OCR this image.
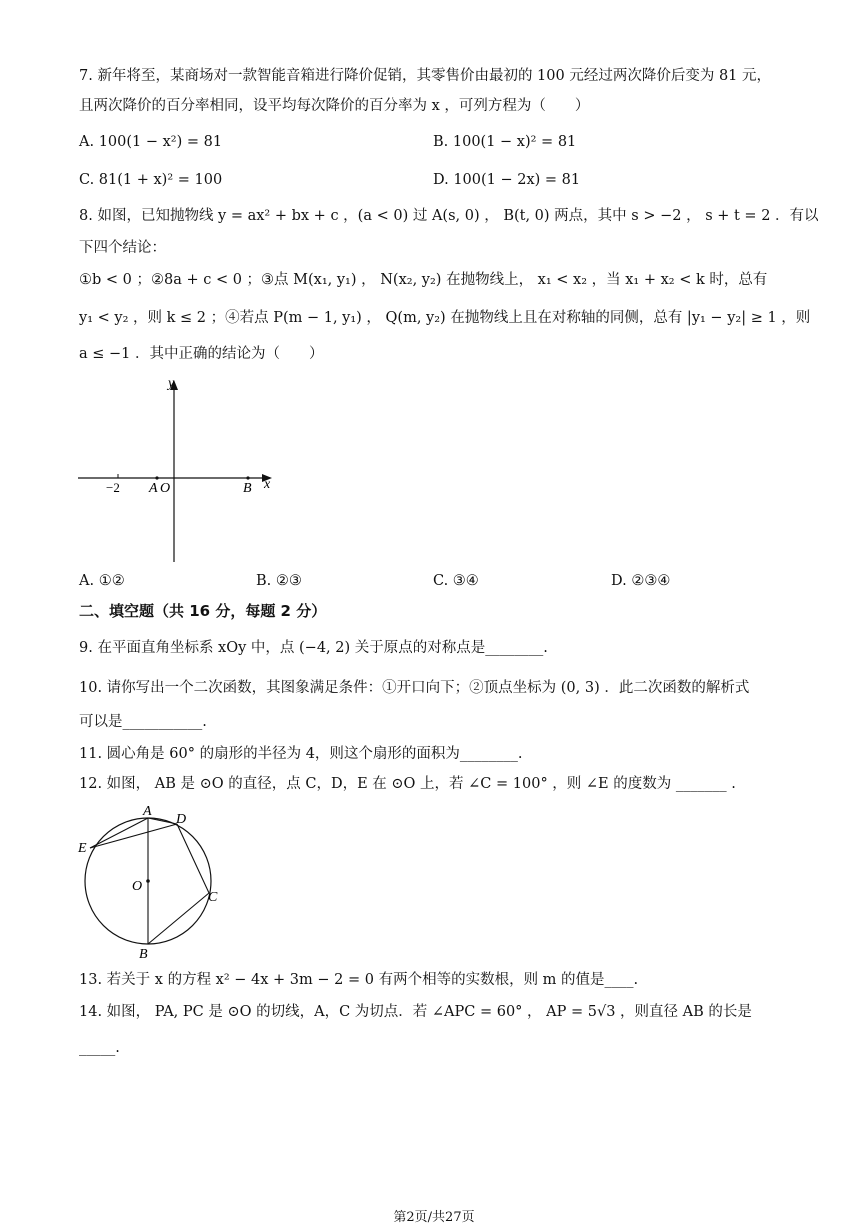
7. 新年将至，某商场对一款智能音箱进行降价促销，其零售价由最初的 100 元经过两次降价后变为 81 元，
且两次降价的百分率相同，设平均每次降价的百分率为 x ，可列方程为（　　）
A. 100(1 − x²) = 81	B. 100(1 − x)² = 81
C. 81(1 + x)² = 100	D. 100(1 − 2x) = 81
8. 如图，已知抛物线 y = ax² + bx + c ，(a < 0) 过 A(s, 0) ， B(t, 0) 两点，其中 s > −2 ， s + t = 2 ．有以
下四个结论：
①b < 0 ；②8a + c < 0 ；③点 M(x₁, y₁) ， N(x₂, y₂) 在抛物线上， x₁ < x₂ ，当 x₁ + x₂ < k 时，总有
y₁ < y₂ ，则 k ≤ 2 ；④若点 P(m − 1, y₁) ， Q(m, y₂) 在抛物线上且在对称轴的同侧，总有 |y₁ − y₂| ≥ 1 ，则
a ≤ −1 ．其中正确的结论为（　　）
y
x
−2 A O	B
A. ①②	B. ②③	C. ③④	D. ②③④
二、填空题（共 16 分，每题 2 分）
9. 在平面直角坐标系 xOy 中，点 (−4, 2) 关于原点的对称点是________.
10. 请你写出一个二次函数，其图象满足条件：①开口向下；②顶点坐标为 (0, 3) ．此二次函数的解析式
可以是___________.
11. 圆心角是 60° 的扇形的半径为 4，则这个扇形的面积为________.
12. 如图， AB 是 ⊙O 的直径，点 C，D，E 在 ⊙O 上，若 ∠C = 100° ，则 ∠E 的度数为 _______ .
A
D
E
O
C
B
13. 若关于 x 的方程 x² − 4x + 3m − 2 = 0 有两个相等的实数根，则 m 的值是____.
14. 如图， PA, PC 是 ⊙O 的切线，A，C 为切点．若 ∠APC = 60° ， AP = 5√3 ，则直径 AB 的长是
_____.
第2页/共27页
